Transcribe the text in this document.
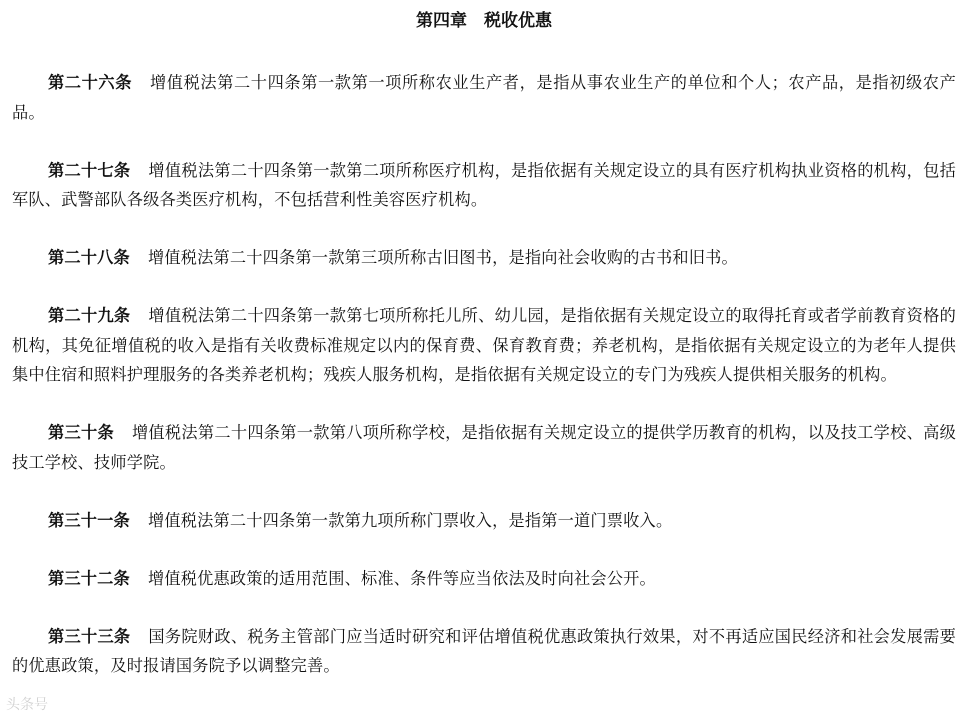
第四章　税收优惠
第二十六条 增值税法第二十四条第一款第一项所称农业生产者，是指从事农业生产的单位和个人；农产品，是指初级农产品。
第二十七条 增值税法第二十四条第一款第二项所称医疗机构，是指依据有关规定设立的具有医疗机构执业资格的机构，包括军队、武警部队各级各类医疗机构，不包括营利性美容医疗机构。
第二十八条 增值税法第二十四条第一款第三项所称古旧图书，是指向社会收购的古书和旧书。
第二十九条 增值税法第二十四条第一款第七项所称托儿所、幼儿园，是指依据有关规定设立的取得托育或者学前教育资格的机构，其免征增值税的收入是指有关收费标准规定以内的保育费、保育教育费；养老机构，是指依据有关规定设立的为老年人提供集中住宿和照料护理服务的各类养老机构；残疾人服务机构，是指依据有关规定设立的专门为残疾人提供相关服务的机构。
第三十条 增值税法第二十四条第一款第八项所称学校，是指依据有关规定设立的提供学历教育的机构，以及技工学校、高级技工学校、技师学院。
第三十一条 增值税法第二十四条第一款第九项所称门票收入，是指第一道门票收入。
第三十二条 增值税优惠政策的适用范围、标准、条件等应当依法及时向社会公开。
第三十三条 国务院财政、税务主管部门应当适时研究和评估增值税优惠政策执行效果，对不再适应国民经济和社会发展需要的优惠政策，及时报请国务院予以调整完善。
头条号
